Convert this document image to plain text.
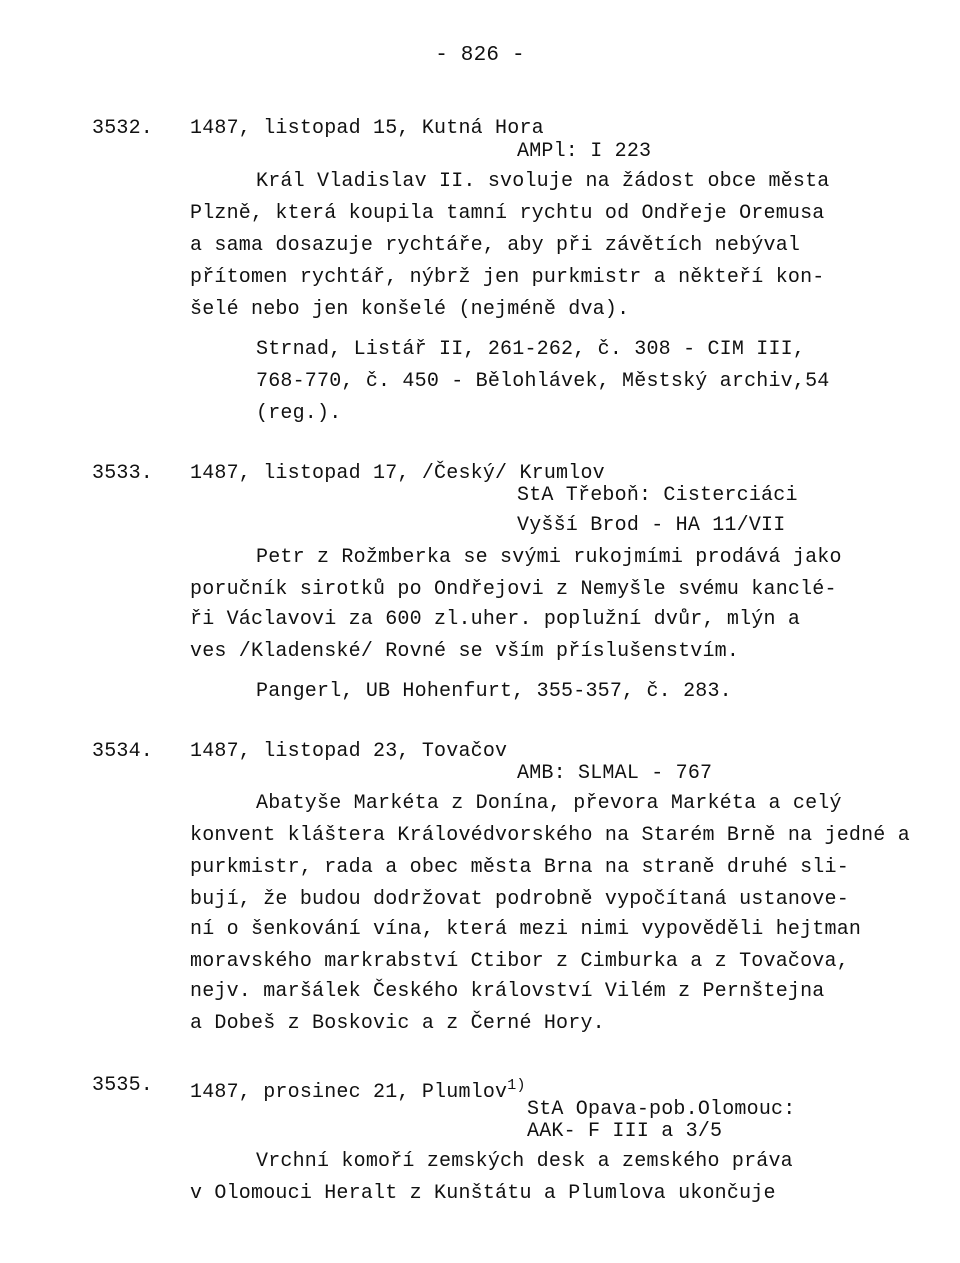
- 826 -
3532. 1487, listopad 15, Kutná Hora
AMPl: I 223
Král Vladislav II. svoluje na žádost obce města
Plzně, která koupila tamní rychtu od Ondřeje Oremusa
a sama dosazuje rychtáře, aby při závětích nebýval
přítomen rychtář, nýbrž jen purkmistr a někteří kon-
šelé nebo jen konšelé (nejméně dva).
Strnad, Listář II, 261-262, č. 308 - CIM III,
768-770, č. 450 - Bělohlávek, Městský archiv,54
(reg.).
3533. 1487, listopad 17, /Český/ Krumlov
StA Třeboň: Cisterciáci
Vyšší Brod - HA 11/VII
Petr z Rožmberka se svými rukojmími prodává jako
poručník sirotků po Ondřejovi z Nemyšle svému kanclé-
ři Václavovi za 600 zl.uher. poplužní dvůr, mlýn a
ves /Kladenské/ Rovné se vším příslušenstvím.
Pangerl, UB Hohenfurt, 355-357, č. 283.
3534. 1487, listopad 23, Tovačov
AMB: SLMAL - 767
Abatyše Markéta z Donína, převora Markéta a celý
konvent kláštera Královédvorského na Starém Brně na jedné a
purkmistr, rada a obec města Brna na straně druhé sli-
bují, že budou dodržovat podrobně vypočítaná ustanove-
ní o šenkování vína, která mezi nimi vypověděli hejtman
moravského markrabství Ctibor z Cimburka a z Tovačova,
nejv. maršálek Českého království Vilém z Pernštejna
a Dobeš z Boskovic a z Černé Hory.
3535. 1487, prosinec 21, Plumlov$^{1)}$
StA Opava-pob.Olomouc:
AAK- F III a 3/5
Vrchní komoří zemských desk a zemského práva
v Olomouci Heralt z Kunštátu a Plumlova ukončuje
